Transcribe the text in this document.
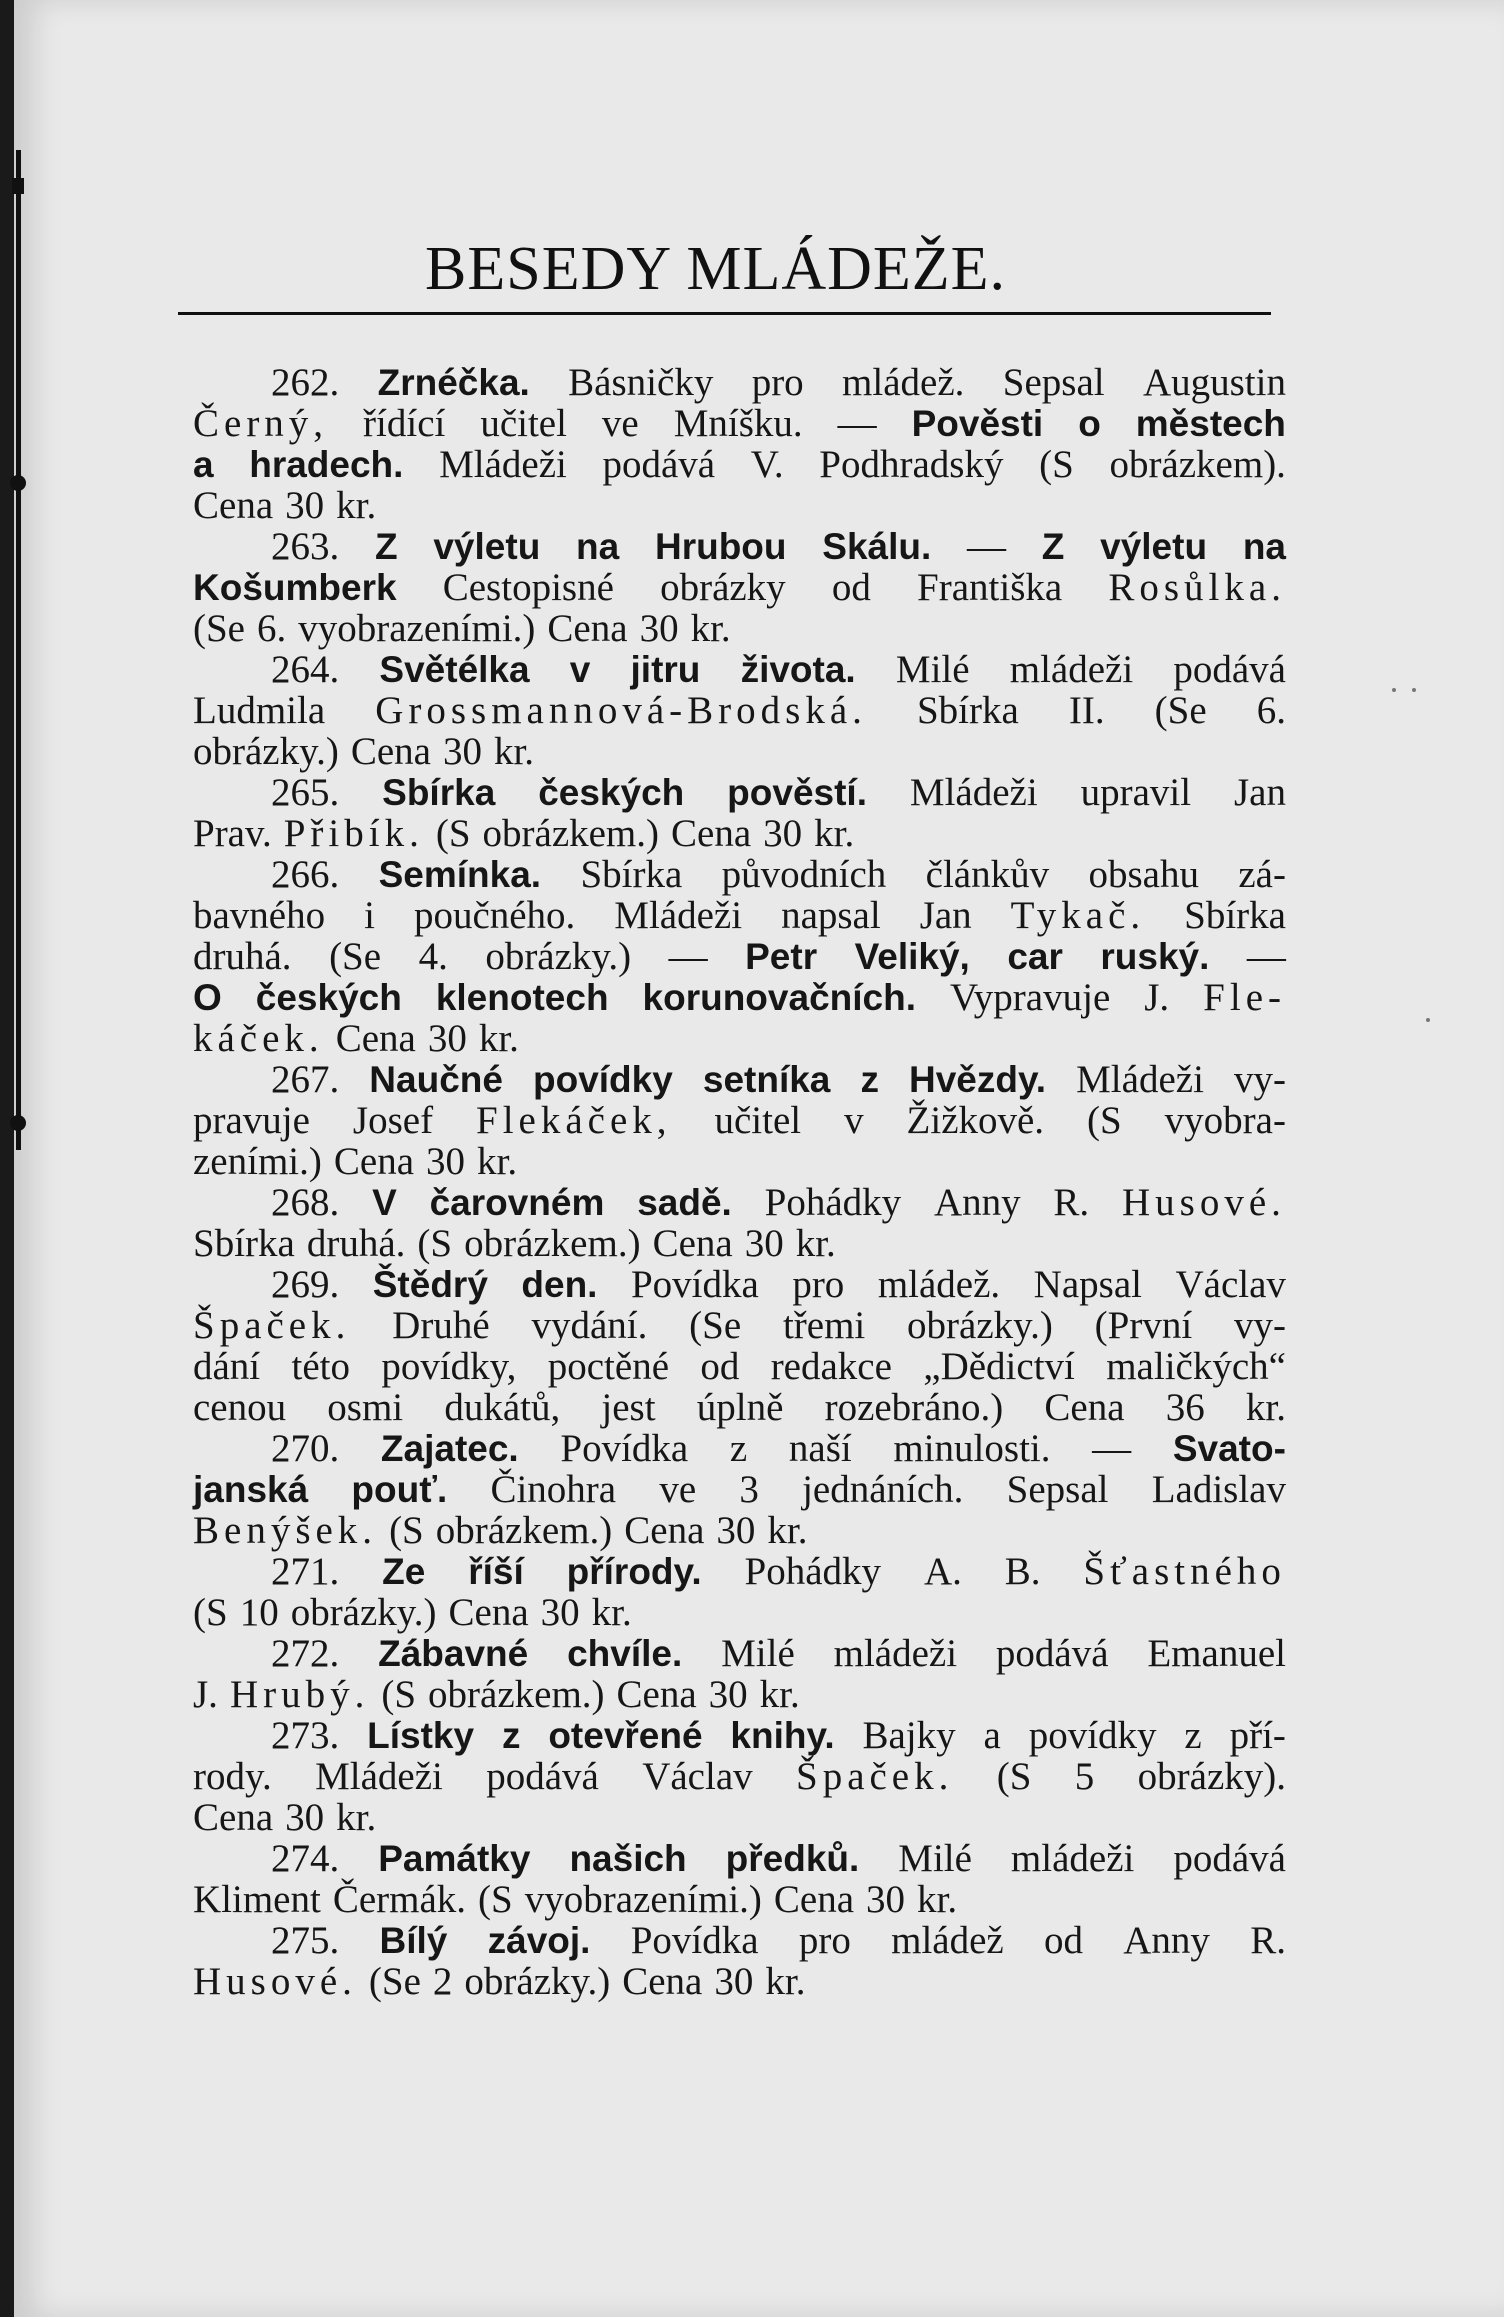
BESEDY MLÁDEŽE.
262. Zrnéčka. Básničky pro mládež. Sepsal Augustin
Černý, řídící učitel ve Mníšku. — Pověsti o městech
a hradech. Mládeži podává V. Podhradský (S obrázkem).
Cena 30 kr.
263. Z výletu na Hrubou Skálu. — Z výletu na
Košumberk Cestopisné obrázky od Františka Rosůlka.
(Se 6. vyobrazeními.) Cena 30 kr.
264. Světélka v jitru života. Milé mládeži podává
Ludmila Grossmannová-Brodská. Sbírka II. (Se 6.
obrázky.) Cena 30 kr.
265. Sbírka českých pověstí. Mládeži upravil Jan
Prav. Přibík. (S obrázkem.) Cena 30 kr.
266. Semínka. Sbírka původních článkův obsahu zá-
bavného i poučného. Mládeži napsal Jan Tykač. Sbírka
druhá. (Se 4. obrázky.) — Petr Veliký, car ruský. —
O českých klenotech korunovačních. Vypravuje J. Fle-
káček. Cena 30 kr.
267. Naučné povídky setníka z Hvězdy. Mládeži vy-
pravuje Josef Flekáček, učitel v Žižkově. (S vyobra-
zeními.) Cena 30 kr.
268. V čarovném sadě. Pohádky Anny R. Husové.
Sbírka druhá. (S obrázkem.) Cena 30 kr.
269. Štědrý den. Povídka pro mládež. Napsal Václav
Špaček. Druhé vydání. (Se třemi obrázky.) (První vy-
dání této povídky, poctěné od redakce „Dědictví maličkých“
cenou osmi dukátů, jest úplně rozebráno.) Cena 36 kr.
270. Zajatec. Povídka z naší minulosti. — Svato-
janská pouť. Činohra ve 3 jednáních. Sepsal Ladislav
Benýšek. (S obrázkem.) Cena 30 kr.
271. Ze říší přírody. Pohádky A. B. Šťastného
(S 10 obrázky.) Cena 30 kr.
272. Zábavné chvíle. Milé mládeži podává Emanuel
J. Hrubý. (S obrázkem.) Cena 30 kr.
273. Lístky z otevřené knihy. Bajky a povídky z pří-
rody. Mládeži podává Václav Špaček. (S 5 obrázky).
Cena 30 kr.
274. Památky našich předků. Milé mládeži podává
Kliment Čermák. (S vyobrazeními.) Cena 30 kr.
275. Bílý závoj. Povídka pro mládež od Anny R.
Husové. (Se 2 obrázky.) Cena 30 kr.
